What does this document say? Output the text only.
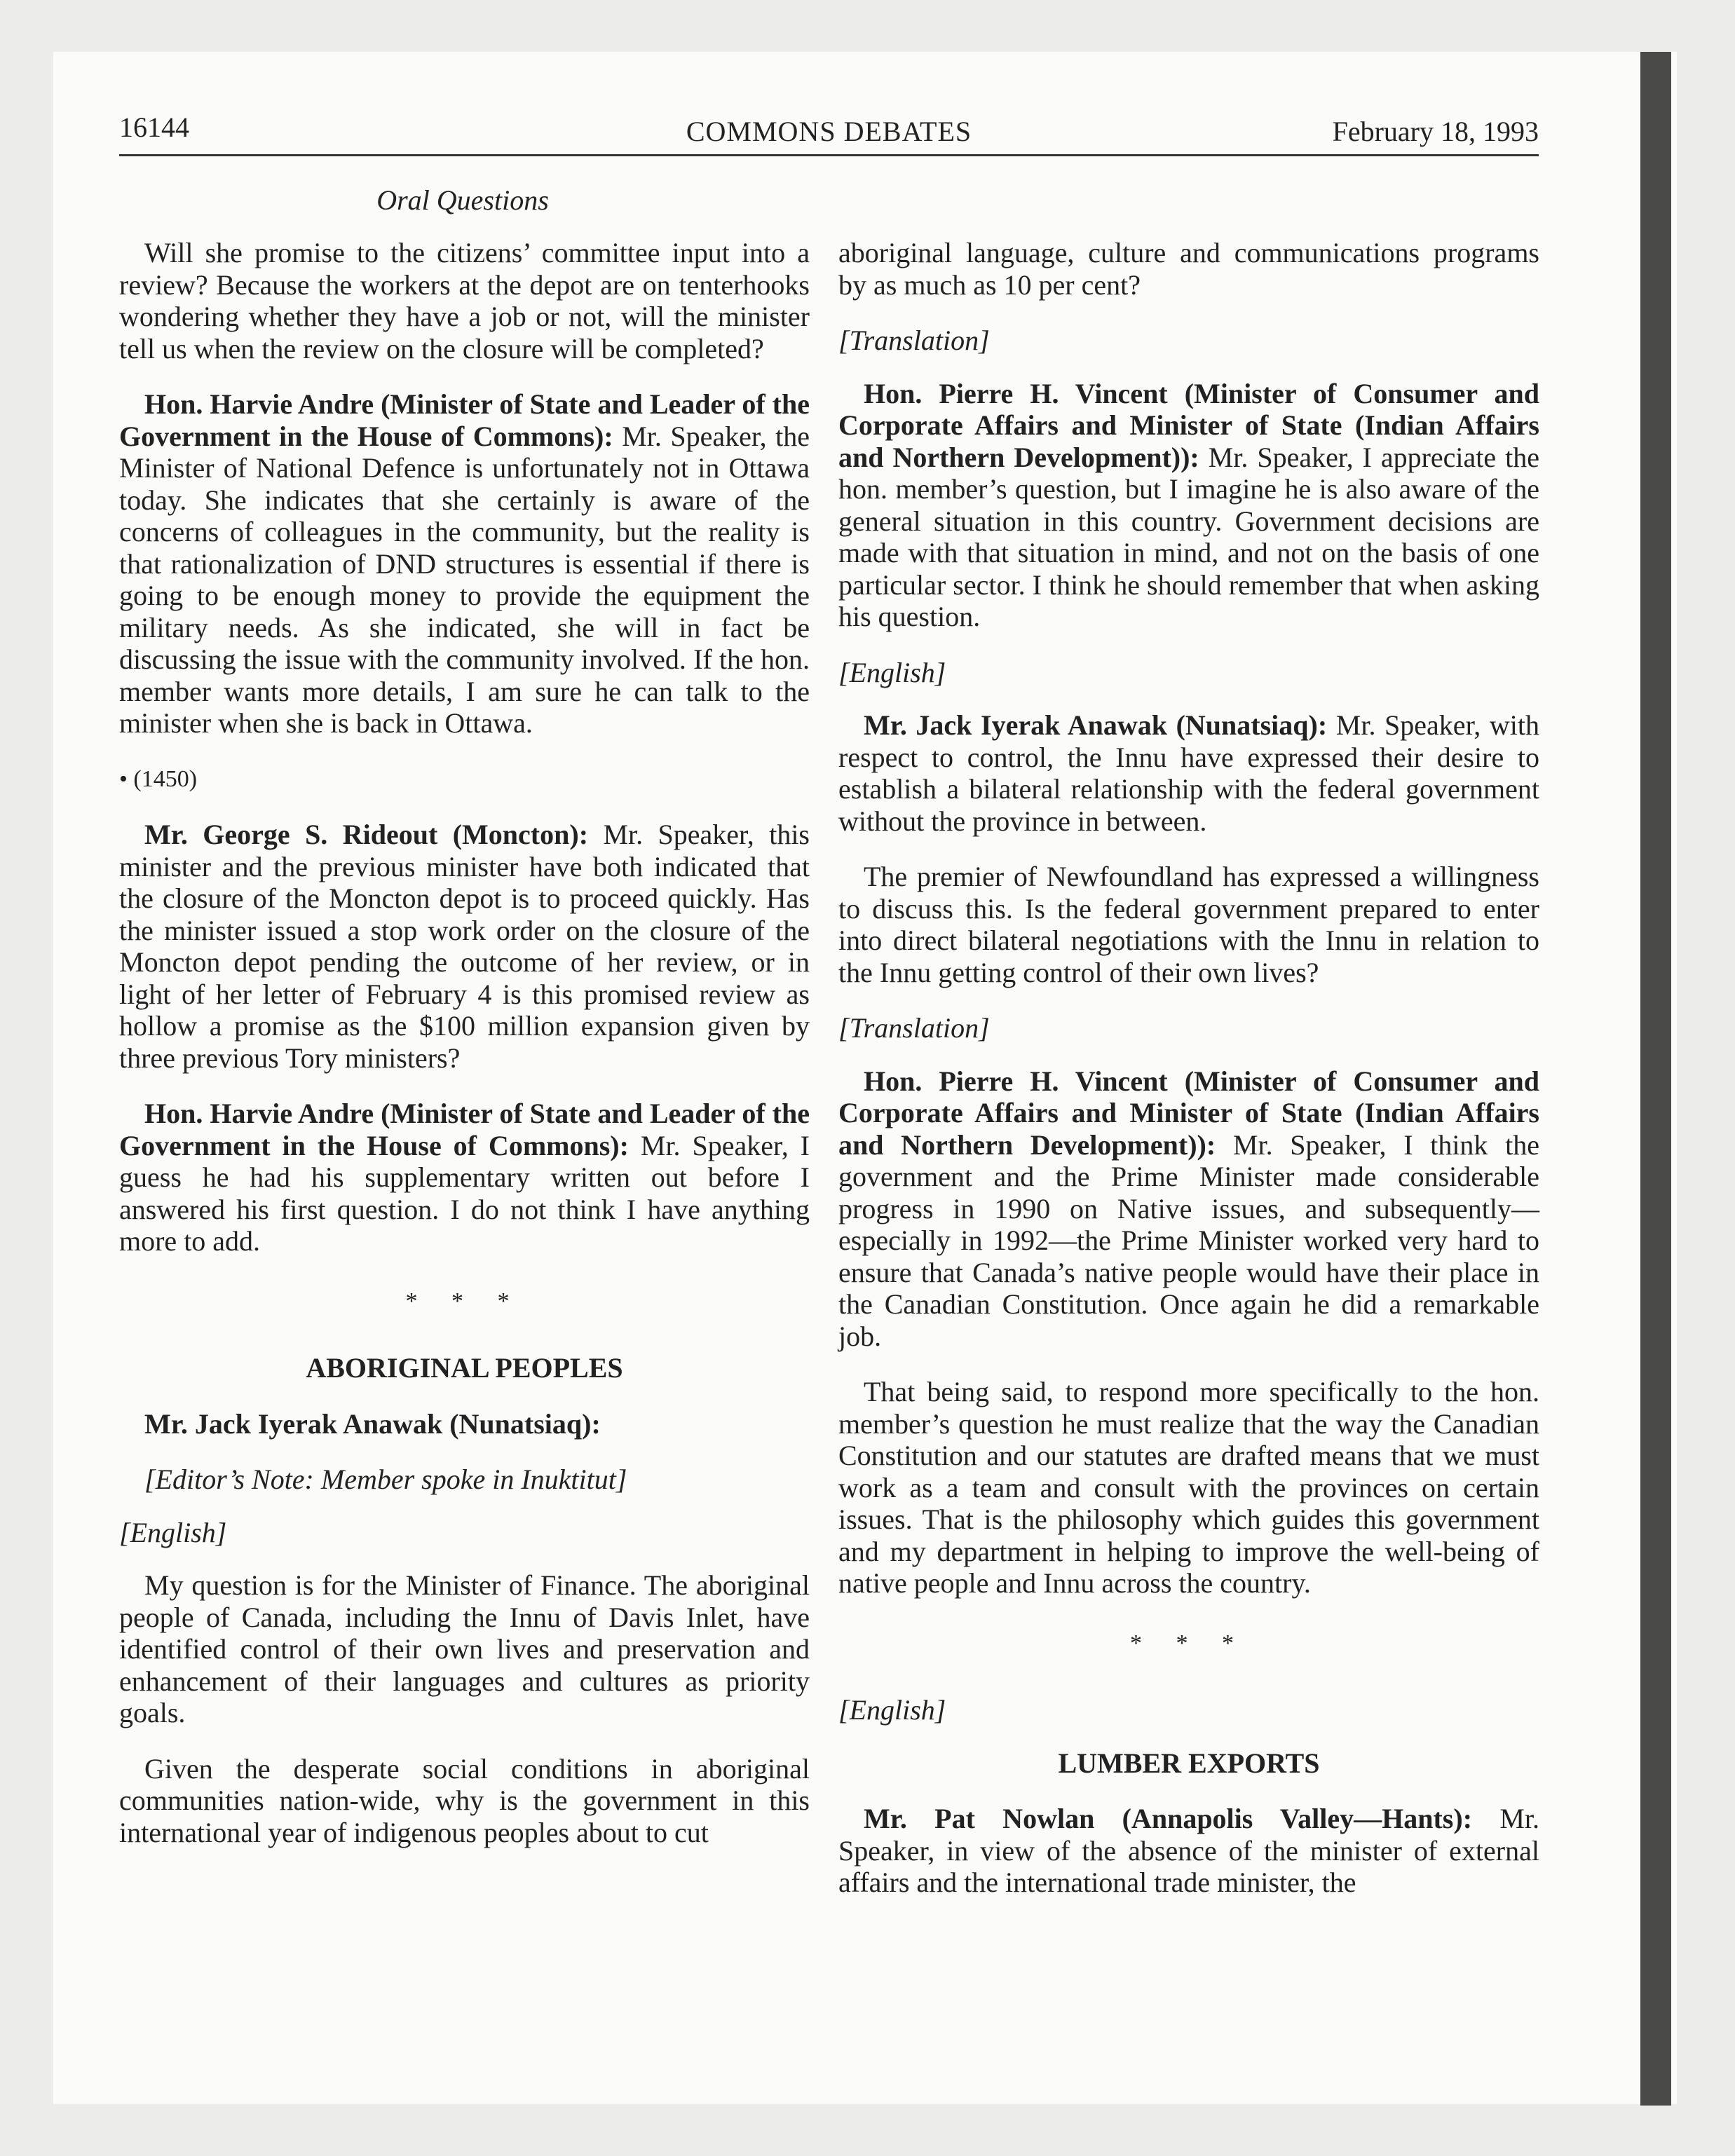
16144	COMMONS DEBATES	February 18, 1993
Oral Questions

Will she promise to the citizens’ committee input into a review? Because the workers at the depot are on tenterhooks wondering whether they have a job or not, will the minister tell us when the review on the closure will be completed?

Hon. Harvie Andre (Minister of State and Leader of the Government in the House of Commons): Mr. Speaker, the Minister of National Defence is unfortunately not in Ottawa today. She indicates that she certainly is aware of the concerns of colleagues in the community, but the reality is that rationalization of DND structures is essential if there is going to be enough money to provide the equipment the military needs. As she indicated, she will in fact be discussing the issue with the community involved. If the hon. member wants more details, I am sure he can talk to the minister when she is back in Ottawa.

• (1450)

Mr. George S. Rideout (Moncton): Mr. Speaker, this minister and the previous minister have both indicated that the closure of the Moncton depot is to proceed quickly. Has the minister issued a stop work order on the closure of the Moncton depot pending the outcome of her review, or in light of her letter of February 4 is this promised review as hollow a promise as the $100 million expansion given by three previous Tory ministers?

Hon. Harvie Andre (Minister of State and Leader of the Government in the House of Commons): Mr. Speaker, I guess he had his supplementary written out before I answered his first question. I do not think I have anything more to add.

* * *

ABORIGINAL PEOPLES

Mr. Jack Iyerak Anawak (Nunatsiaq):

[Editor’s Note: Member spoke in Inuktitut]

[English]

My question is for the Minister of Finance. The aboriginal people of Canada, including the Innu of Davis Inlet, have identified control of their own lives and preservation and enhancement of their languages and cultures as priority goals.

Given the desperate social conditions in aboriginal communities nation-wide, why is the government in this international year of indigenous peoples about to cut

aboriginal language, culture and communications programs by as much as 10 per cent?

[Translation]

Hon. Pierre H. Vincent (Minister of Consumer and Corporate Affairs and Minister of State (Indian Affairs and Northern Development)): Mr. Speaker, I appreciate the hon. member’s question, but I imagine he is also aware of the general situation in this country. Government decisions are made with that situation in mind, and not on the basis of one particular sector. I think he should remember that when asking his question.

[English]

Mr. Jack Iyerak Anawak (Nunatsiaq): Mr. Speaker, with respect to control, the Innu have expressed their desire to establish a bilateral relationship with the federal government without the province in between.

The premier of Newfoundland has expressed a willingness to discuss this. Is the federal government prepared to enter into direct bilateral negotiations with the Innu in relation to the Innu getting control of their own lives?

[Translation]

Hon. Pierre H. Vincent (Minister of Consumer and Corporate Affairs and Minister of State (Indian Affairs and Northern Development)): Mr. Speaker, I think the government and the Prime Minister made considerable progress in 1990 on Native issues, and subsequently—especially in 1992—the Prime Minister worked very hard to ensure that Canada’s native people would have their place in the Canadian Constitution. Once again he did a remarkable job.

That being said, to respond more specifically to the hon. member’s question he must realize that the way the Canadian Constitution and our statutes are drafted means that we must work as a team and consult with the provinces on certain issues. That is the philosophy which guides this government and my department in helping to improve the well-being of native people and Innu across the country.

* * *

[English]

LUMBER EXPORTS

Mr. Pat Nowlan (Annapolis Valley—Hants): Mr. Speaker, in view of the absence of the minister of external affairs and the international trade minister, the
